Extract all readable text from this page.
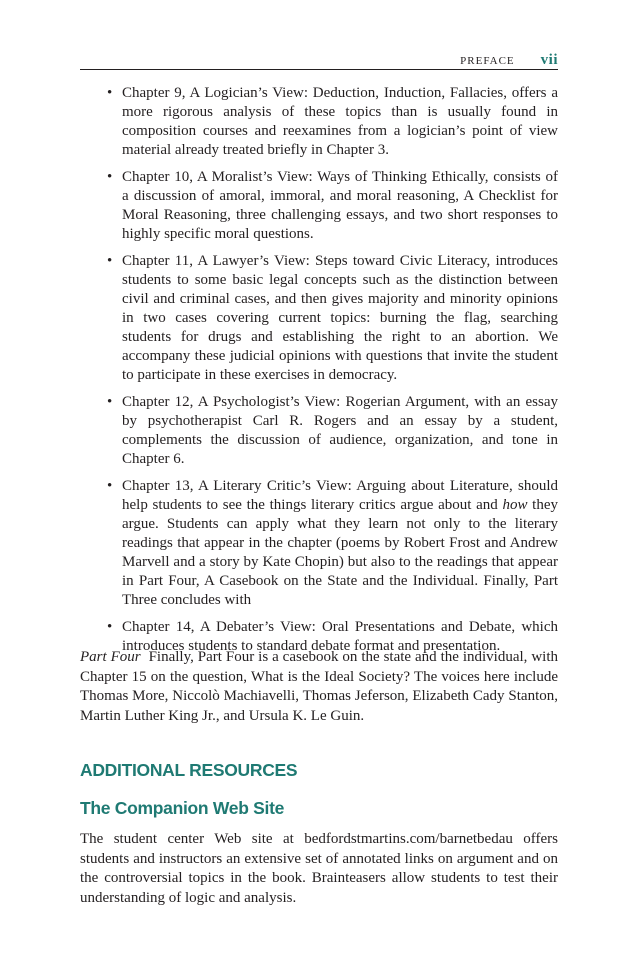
PREFACE vii
• Chapter 9, A Logician’s View: Deduction, Induction, Fallacies, offers a more rigorous analysis of these topics than is usually found in composition courses and reexamines from a logician’s point of view material already treated briefly in Chapter 3.
• Chapter 10, A Moralist’s View: Ways of Thinking Ethically, consists of a discussion of amoral, immoral, and moral reasoning, A Checklist for Moral Reasoning, three challenging essays, and two short responses to highly specific moral questions.
• Chapter 11, A Lawyer’s View: Steps toward Civic Literacy, introduces students to some basic legal concepts such as the distinction between civil and criminal cases, and then gives majority and minority opinions in two cases covering current topics: burning the flag, searching students for drugs and establishing the right to an abortion. We accompany these judicial opinions with questions that invite the student to participate in these exercises in democracy.
• Chapter 12, A Psychologist’s View: Rogerian Argument, with an essay by psychotherapist Carl R. Rogers and an essay by a student, complements the discussion of audience, organization, and tone in Chapter 6.
• Chapter 13, A Literary Critic’s View: Arguing about Literature, should help students to see the things literary critics argue about and how they argue. Students can apply what they learn not only to the literary readings that appear in the chapter (poems by Robert Frost and Andrew Marvell and a story by Kate Chopin) but also to the readings that appear in Part Four, A Casebook on the State and the Individual. Finally, Part Three concludes with
• Chapter 14, A Debater’s View: Oral Presentations and Debate, which introduces students to standard debate format and presentation.

Part Four Finally, Part Four is a casebook on the state and the individual, with Chapter 15 on the question, What is the Ideal Society? The voices here include Thomas More, Niccolò Machiavelli, Thomas Jeferson, Elizabeth Cady Stanton, Martin Luther King Jr., and Ursula K. Le Guin.

ADDITIONAL RESOURCES
The Companion Web Site

The student center Web site at bedfordstmartins.com/barnetbedau offers students and instructors an extensive set of annotated links on argument and on the controversial topics in the book. Brainteasers allow students to test their understanding of logic and analysis.
